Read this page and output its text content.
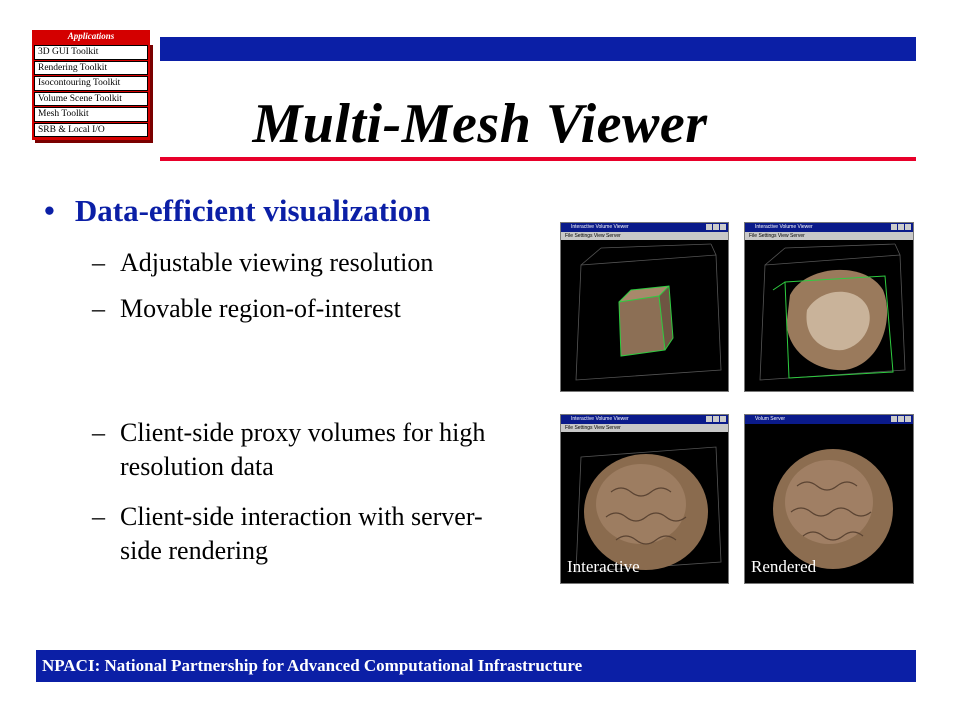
Applications
3D GUI Toolkit
Rendering Toolkit
Isocontouring Toolkit
Volume Scene Toolkit
Mesh Toolkit
SRB & Local I/O	Multi-Mesh Viewer
• Data-efficient visualization
– Adjustable viewing resolution
– Movable region-of-interest
– Client-side proxy volumes for high resolution data
– Client-side interaction with server-side rendering
Interactive Volume Viewer
File Settings View Server
Interactive Volume Viewer
File Settings View Server
Interactive Volume Viewer
File Settings View Server
Interactive
Volum Server
Rendered
NPACI: National Partnership for Advanced Computational Infrastructure
